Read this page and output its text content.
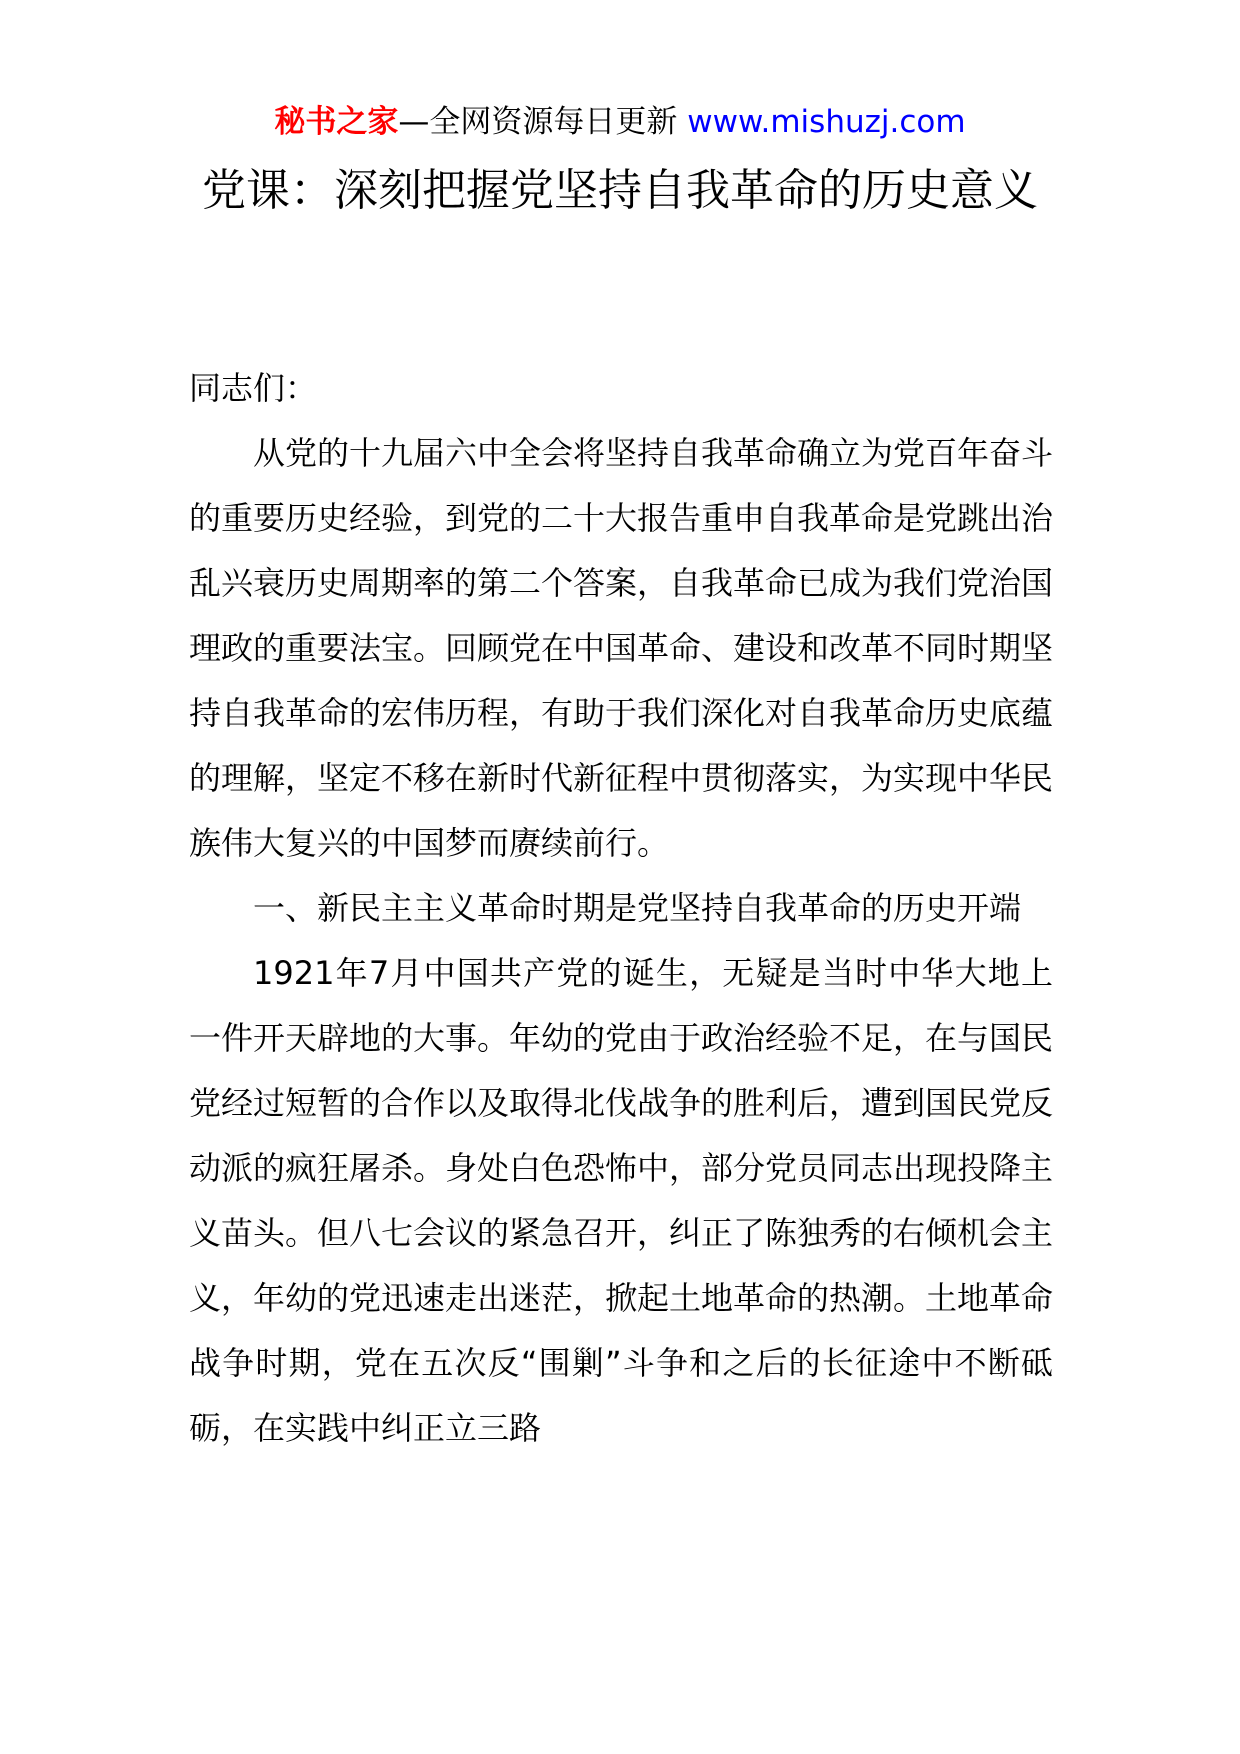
秘书之家—全网资源每日更新 www.mishuzj.com
党课：深刻把握党坚持自我革命的历史意义

同志们：

从党的十九届六中全会将坚持自我革命确立为党百年奋斗的重要历史经验，到党的二十大报告重申自我革命是党跳出治乱兴衰历史周期率的第二个答案，自我革命已成为我们党治国理政的重要法宝。回顾党在中国革命、建设和改革不同时期坚持自我革命的宏伟历程，有助于我们深化对自我革命历史底蕴的理解，坚定不移在新时代新征程中贯彻落实，为实现中华民族伟大复兴的中国梦而赓续前行。

一、新民主主义革命时期是党坚持自我革命的历史开端

1921年7月中国共产党的诞生，无疑是当时中华大地上一件开天辟地的大事。年幼的党由于政治经验不足，在与国民党经过短暂的合作以及取得北伐战争的胜利后，遭到国民党反动派的疯狂屠杀。身处白色恐怖中，部分党员同志出现投降主义苗头。但八七会议的紧急召开，纠正了陈独秀的右倾机会主义，年幼的党迅速走出迷茫，掀起土地革命的热潮。土地革命战争时期，党在五次反“围剿”斗争和之后的长征途中不断砥砺，在实践中纠正立三路
